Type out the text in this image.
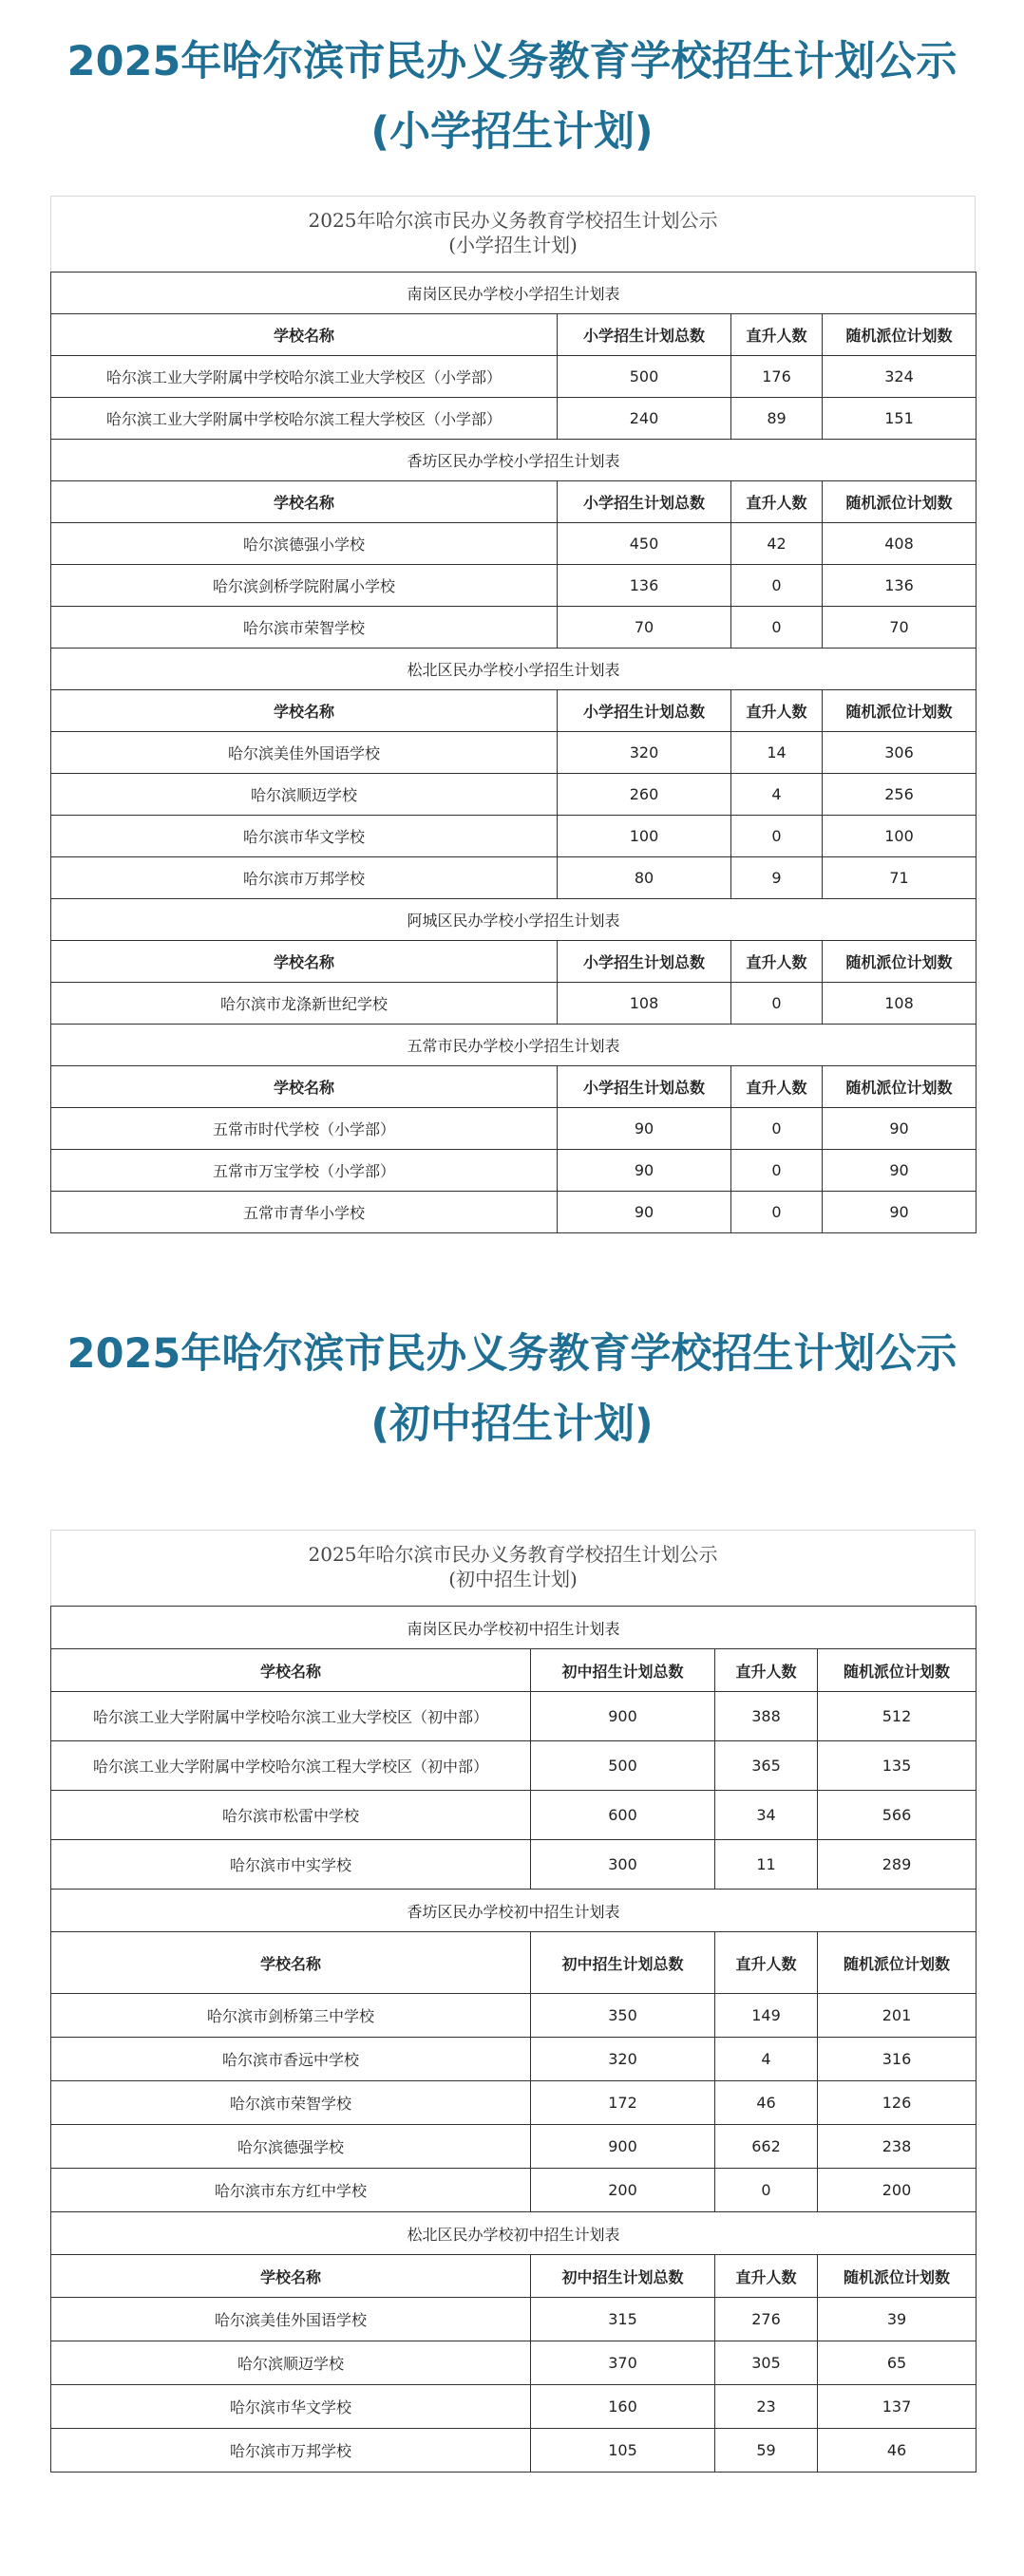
2025年哈尔滨市民办义务教育学校招生计划公示
(小学招生计划)
2025年哈尔滨市民办义务教育学校招生计划公示
(小学招生计划)
南岗区民办学校小学招生计划表			
学校名称	小学招生计划总数	直升人数	随机派位计划数
哈尔滨工业大学附属中学校哈尔滨工业大学校区（小学部）	500	176	324
哈尔滨工业大学附属中学校哈尔滨工程大学校区（小学部）	240	89	151
香坊区民办学校小学招生计划表			
学校名称	小学招生计划总数	直升人数	随机派位计划数
哈尔滨德强小学校	450	42	408
哈尔滨剑桥学院附属小学校	136	0	136
哈尔滨市荣智学校	70	0	70
松北区民办学校小学招生计划表			
学校名称	小学招生计划总数	直升人数	随机派位计划数
哈尔滨美佳外国语学校	320	14	306
哈尔滨顺迈学校	260	4	256
哈尔滨市华文学校	100	0	100
哈尔滨市万邦学校	80	9	71
阿城区民办学校小学招生计划表			
学校名称	小学招生计划总数	直升人数	随机派位计划数
哈尔滨市龙涤新世纪学校	108	0	108
五常市民办学校小学招生计划表			
学校名称	小学招生计划总数	直升人数	随机派位计划数
五常市时代学校（小学部）	90	0	90
五常市万宝学校（小学部）	90	0	90
五常市青华小学校	90	0	90
2025年哈尔滨市民办义务教育学校招生计划公示
(初中招生计划)
2025年哈尔滨市民办义务教育学校招生计划公示
(初中招生计划)
南岗区民办学校初中招生计划表			
学校名称	初中招生计划总数	直升人数	随机派位计划数
哈尔滨工业大学附属中学校哈尔滨工业大学校区（初中部）	900	388	512
哈尔滨工业大学附属中学校哈尔滨工程大学校区（初中部）	500	365	135
哈尔滨市松雷中学校	600	34	566
哈尔滨市中实学校	300	11	289
香坊区民办学校初中招生计划表			
学校名称	初中招生计划总数	直升人数	随机派位计划数
哈尔滨市剑桥第三中学校	350	149	201
哈尔滨市香远中学校	320	4	316
哈尔滨市荣智学校	172	46	126
哈尔滨德强学校	900	662	238
哈尔滨市东方红中学校	200	0	200
松北区民办学校初中招生计划表			
学校名称	初中招生计划总数	直升人数	随机派位计划数
哈尔滨美佳外国语学校	315	276	39
哈尔滨顺迈学校	370	305	65
哈尔滨市华文学校	160	23	137
哈尔滨市万邦学校	105	59	46
